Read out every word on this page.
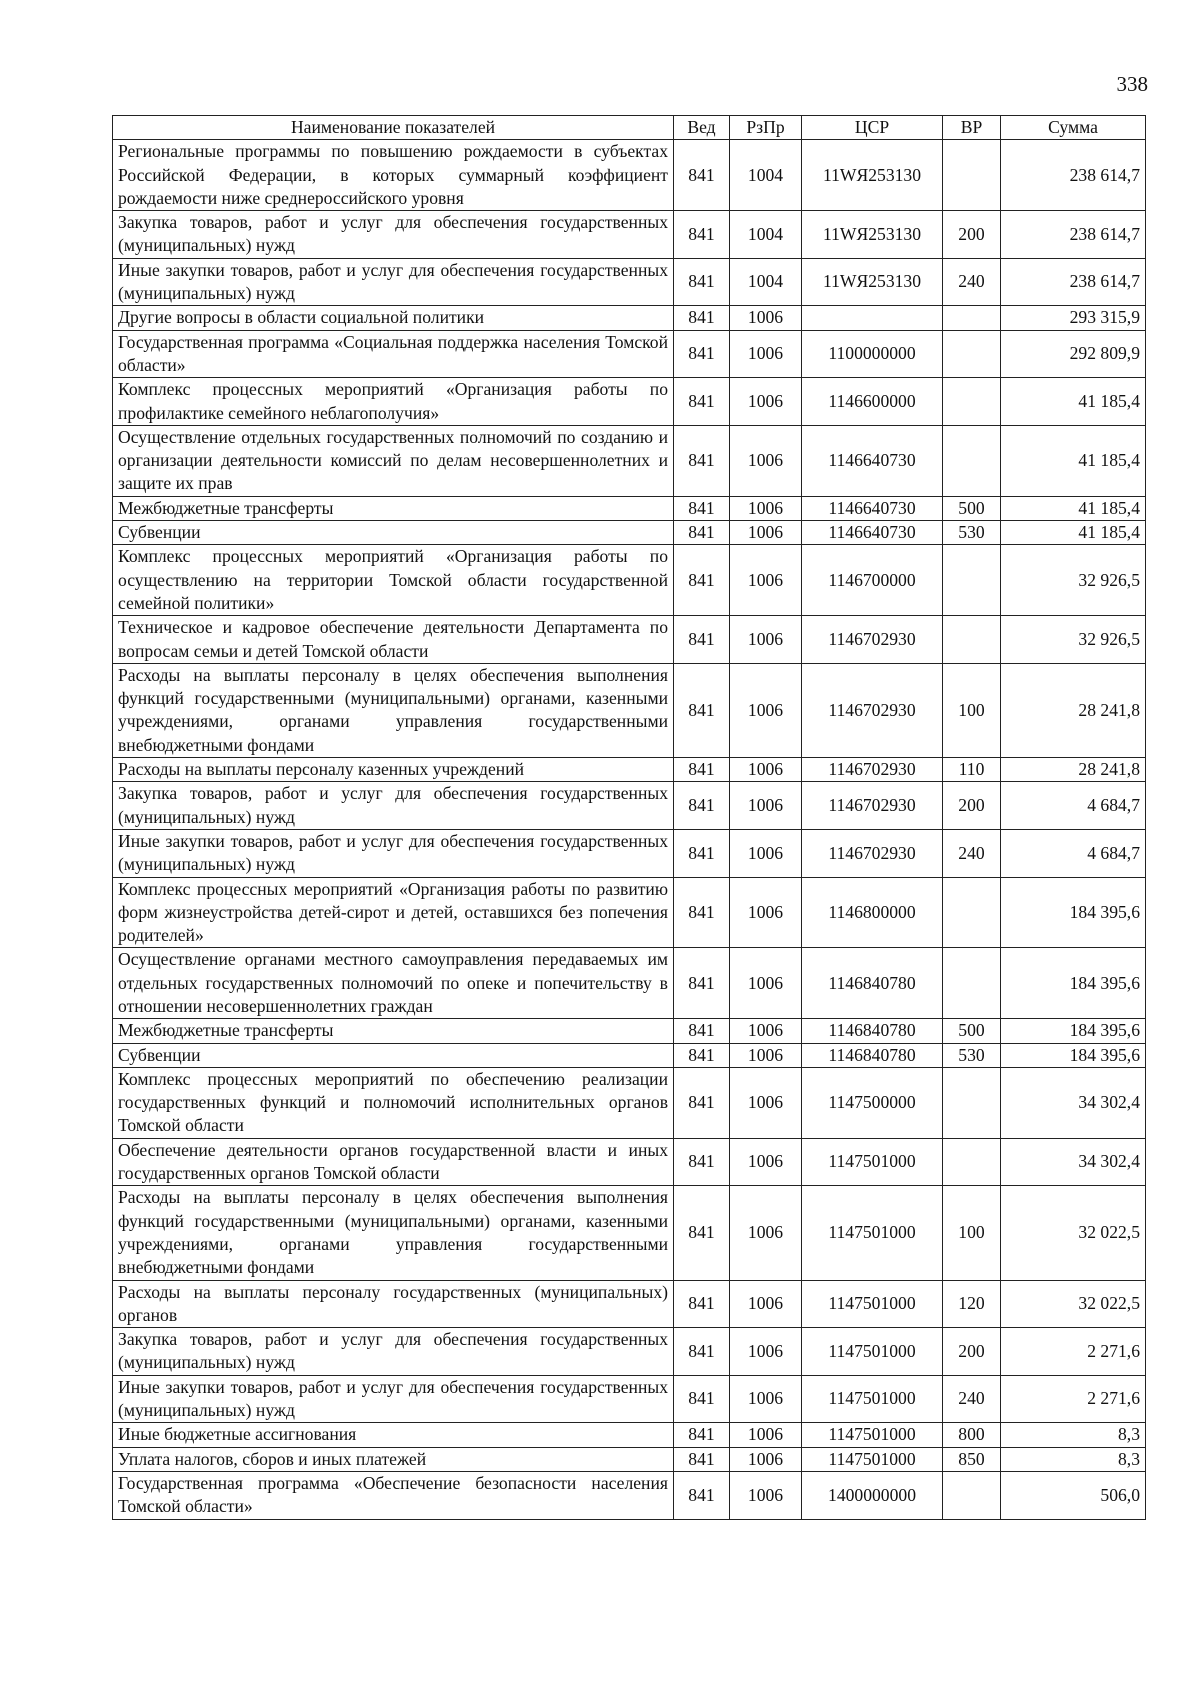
338
Наименование показателей	Вед	РзПр	ЦСР	ВР	Сумма
Региональные программы по повышению рождаемости в субъектах Российской Федерации, в которых суммарный коэффициент рождаемости ниже среднероссийского уровня	841	1004	11WЯ253130		238 614,7
Закупка товаров, работ и услуг для обеспечения государственных (муниципальных) нужд	841	1004	11WЯ253130	200	238 614,7
Иные закупки товаров, работ и услуг для обеспечения государственных (муниципальных) нужд	841	1004	11WЯ253130	240	238 614,7
Другие вопросы в области социальной политики	841	1006			293 315,9
Государственная программа «Социальная поддержка населения Томской области»	841	1006	1100000000		292 809,9
Комплекс процессных мероприятий «Организация работы по профилактике семейного неблагополучия»	841	1006	1146600000		41 185,4
Осуществление отдельных государственных полномочий по созданию и организации деятельности комиссий по делам несовершеннолетних и защите их прав	841	1006	1146640730		41 185,4
Межбюджетные трансферты	841	1006	1146640730	500	41 185,4
Субвенции	841	1006	1146640730	530	41 185,4
Комплекс процессных мероприятий «Организация работы по осуществлению на территории Томской области государственной семейной политики»	841	1006	1146700000		32 926,5
Техническое и кадровое обеспечение деятельности Департамента по вопросам семьи и детей Томской области	841	1006	1146702930		32 926,5
Расходы на выплаты персоналу в целях обеспечения выполнения функций государственными (муниципальными) органами, казенными учреждениями, органами управления государственными внебюджетными фондами	841	1006	1146702930	100	28 241,8
Расходы на выплаты персоналу казенных учреждений	841	1006	1146702930	110	28 241,8
Закупка товаров, работ и услуг для обеспечения государственных (муниципальных) нужд	841	1006	1146702930	200	4 684,7
Иные закупки товаров, работ и услуг для обеспечения государственных (муниципальных) нужд	841	1006	1146702930	240	4 684,7
Комплекс процессных мероприятий «Организация работы по развитию форм жизнеустройства детей-сирот и детей, оставшихся без попечения родителей»	841	1006	1146800000		184 395,6
Осуществление органами местного самоуправления передаваемых им отдельных государственных полномочий по опеке и попечительству в отношении несовершеннолетних граждан	841	1006	1146840780		184 395,6
Межбюджетные трансферты	841	1006	1146840780	500	184 395,6
Субвенции	841	1006	1146840780	530	184 395,6
Комплекс процессных мероприятий по обеспечению реализации государственных функций и полномочий исполнительных органов Томской области	841	1006	1147500000		34 302,4
Обеспечение деятельности органов государственной власти и иных государственных органов Томской области	841	1006	1147501000		34 302,4
Расходы на выплаты персоналу в целях обеспечения выполнения функций государственными (муниципальными) органами, казенными учреждениями, органами управления государственными внебюджетными фондами	841	1006	1147501000	100	32 022,5
Расходы на выплаты персоналу государственных (муниципальных) органов	841	1006	1147501000	120	32 022,5
Закупка товаров, работ и услуг для обеспечения государственных (муниципальных) нужд	841	1006	1147501000	200	2 271,6
Иные закупки товаров, работ и услуг для обеспечения государственных (муниципальных) нужд	841	1006	1147501000	240	2 271,6
Иные бюджетные ассигнования	841	1006	1147501000	800	8,3
Уплата налогов, сборов и иных платежей	841	1006	1147501000	850	8,3
Государственная программа «Обеспечение безопасности населения Томской области»	841	1006	1400000000		506,0
